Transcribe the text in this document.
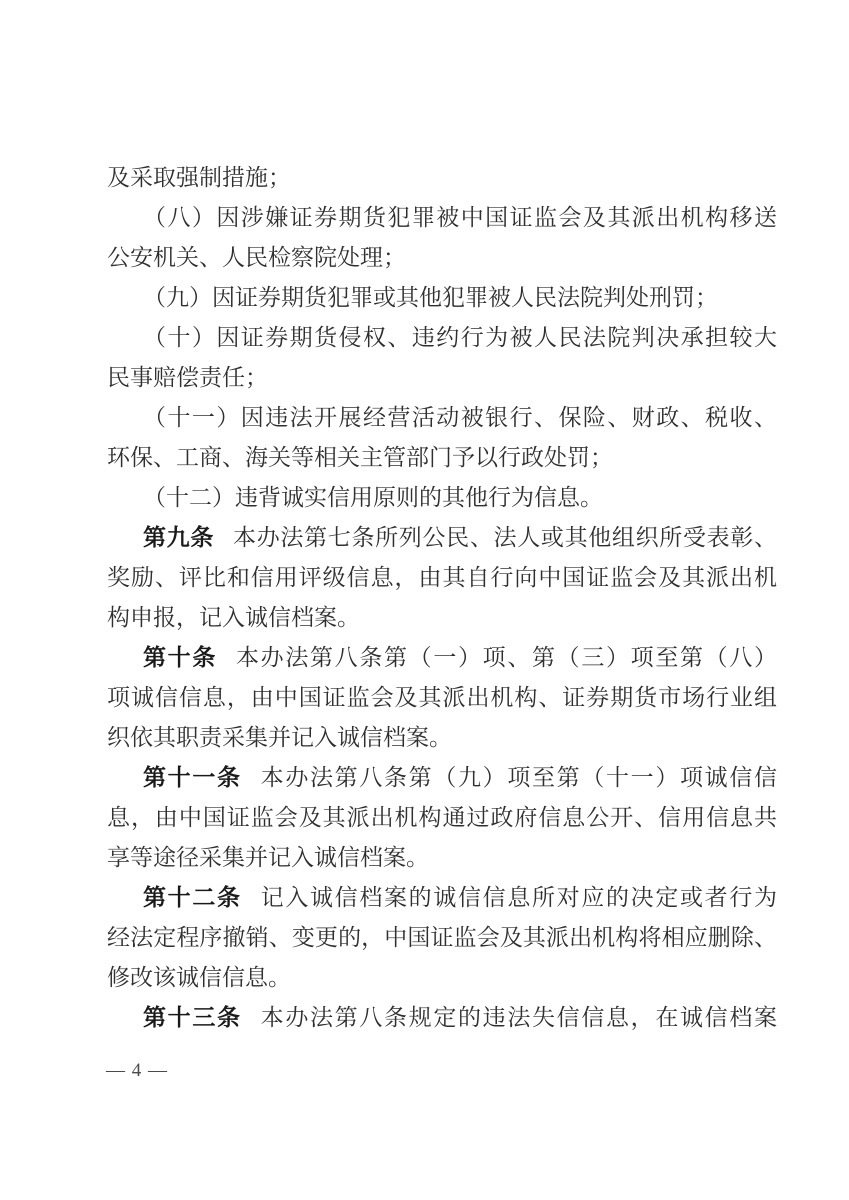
及采取强制措施；
（八）因涉嫌证券期货犯罪被中国证监会及其派出机构移送
公安机关、人民检察院处理；
（九）因证券期货犯罪或其他犯罪被人民法院判处刑罚；
（十）因证券期货侵权、违约行为被人民法院判决承担较大
民事赔偿责任；
（十一）因违法开展经营活动被银行、保险、财政、税收、
环保、工商、海关等相关主管部门予以行政处罚；
（十二）违背诚实信用原则的其他行为信息。
第九条 本办法第七条所列公民、法人或其他组织所受表彰、
奖励、评比和信用评级信息，由其自行向中国证监会及其派出机
构申报，记入诚信档案。
第十条 本办法第八条第（一）项、第（三）项至第（八）
项诚信信息，由中国证监会及其派出机构、证券期货市场行业组
织依其职责采集并记入诚信档案。
第十一条 本办法第八条第（九）项至第（十一）项诚信信
息，由中国证监会及其派出机构通过政府信息公开、信用信息共
享等途径采集并记入诚信档案。
第十二条 记入诚信档案的诚信信息所对应的决定或者行为
经法定程序撤销、变更的，中国证监会及其派出机构将相应删除、
修改该诚信信息。
第十三条 本办法第八条规定的违法失信信息，在诚信档案
— 4 —
